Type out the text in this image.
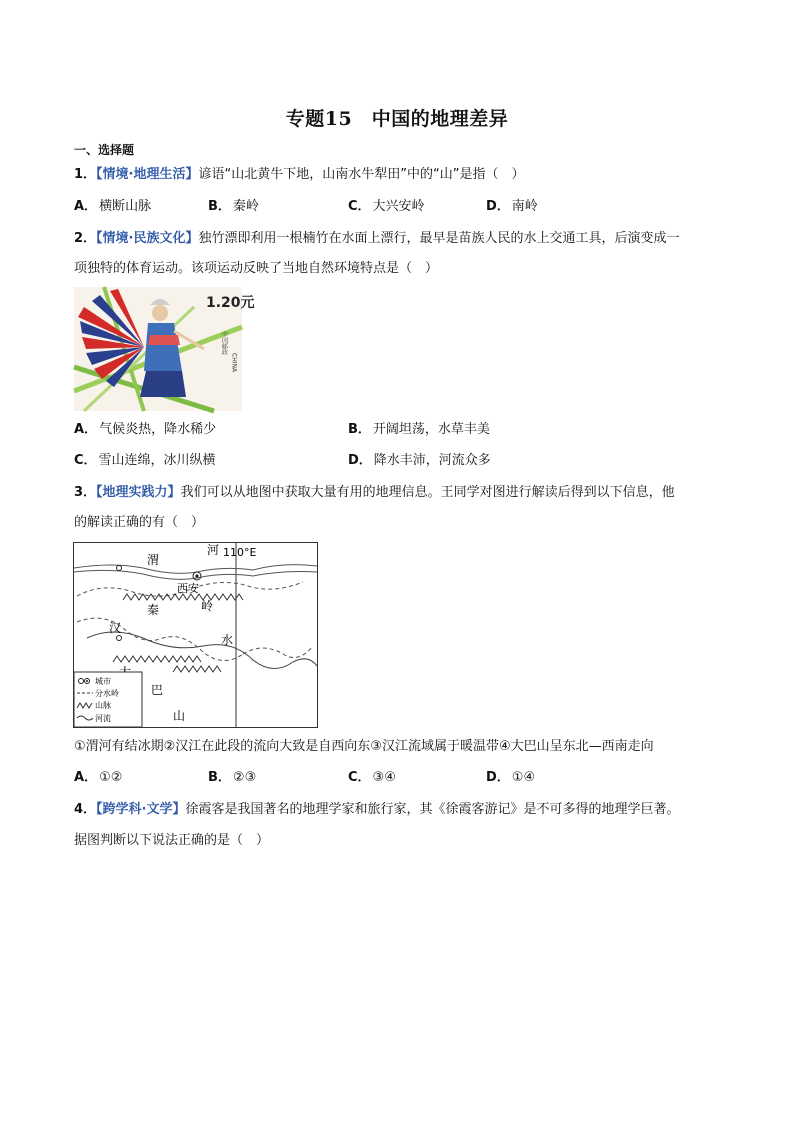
专题15　中国的地理差异
一、选择题
1．【情境·地理生活】谚语“山北黄牛下地，山南水牛犁田”中的“山”是指（　）
A． 横断山脉	B． 秦岭	C． 大兴安岭	D． 南岭
2．【情境·民族文化】独竹漂即利用一根楠竹在水面上漂行，最早是苗族人民的水上交通工具，后演变成一
项独特的体育运动。该项运动反映了当地自然环境特点是（　）
1.20元
中国邮政
CHINA
A． 气候炎热，降水稀少	B． 开阔坦荡，水草丰美
C． 雪山连绵，冰川纵横	D． 降水丰沛，河流众多
3．【地理实践力】我们可以从地图中获取大量有用的地理信息。王同学对图进行解读后得到以下信息，他
的解读正确的有（　）
110°E
河
渭
西安
秦	岭
汉
水
巴
山
城市
分水岭
山脉
河流
①渭河有结冰期②汉江在此段的流向大致是自西向东③汉江流域属于暖温带④大巴山呈东北—西南走向
A． ①②	B． ②③	C． ③④	D． ①④
4．【跨学科·文学】徐霞客是我国著名的地理学家和旅行家，其《徐霞客游记》是不可多得的地理学巨著。
据图判断以下说法正确的是（　）
